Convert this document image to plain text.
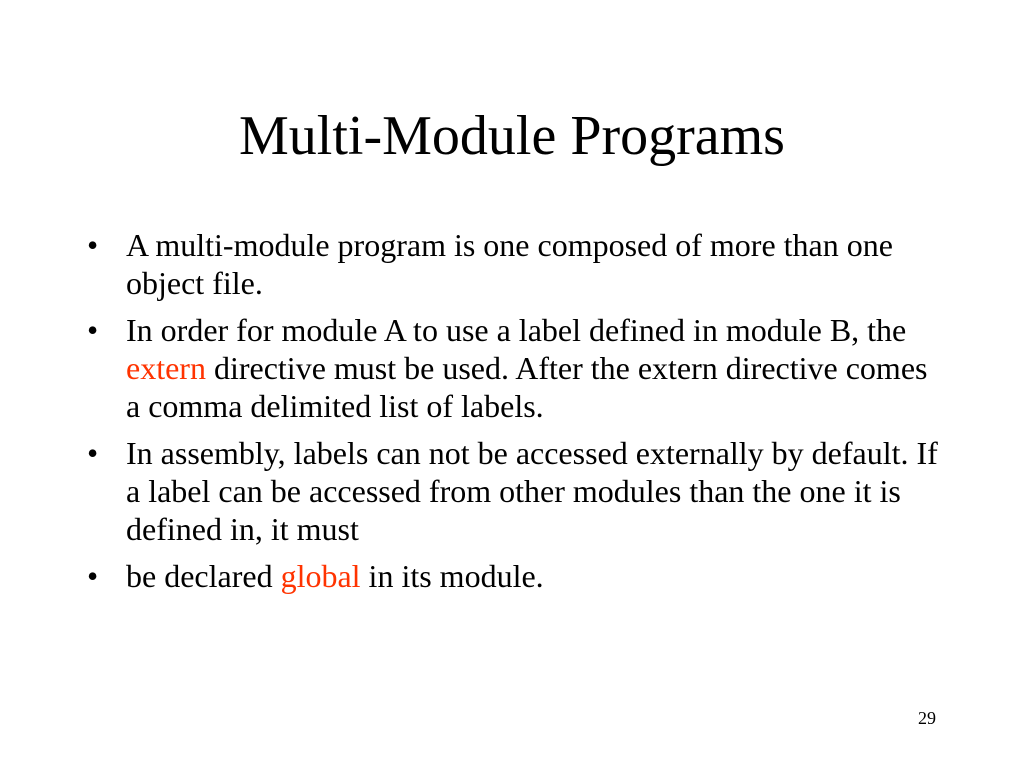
Multi-Module Programs
• A multi-module program is one composed of more than one object file.
• In order for module A to use a label defined in module B, the extern directive must be used. After the extern directive comes a comma delimited list of labels.
• In assembly, labels can not be accessed externally by default. If a label can be accessed from other modules than the one it is defined in, it must
• be declared global in its module.
29
